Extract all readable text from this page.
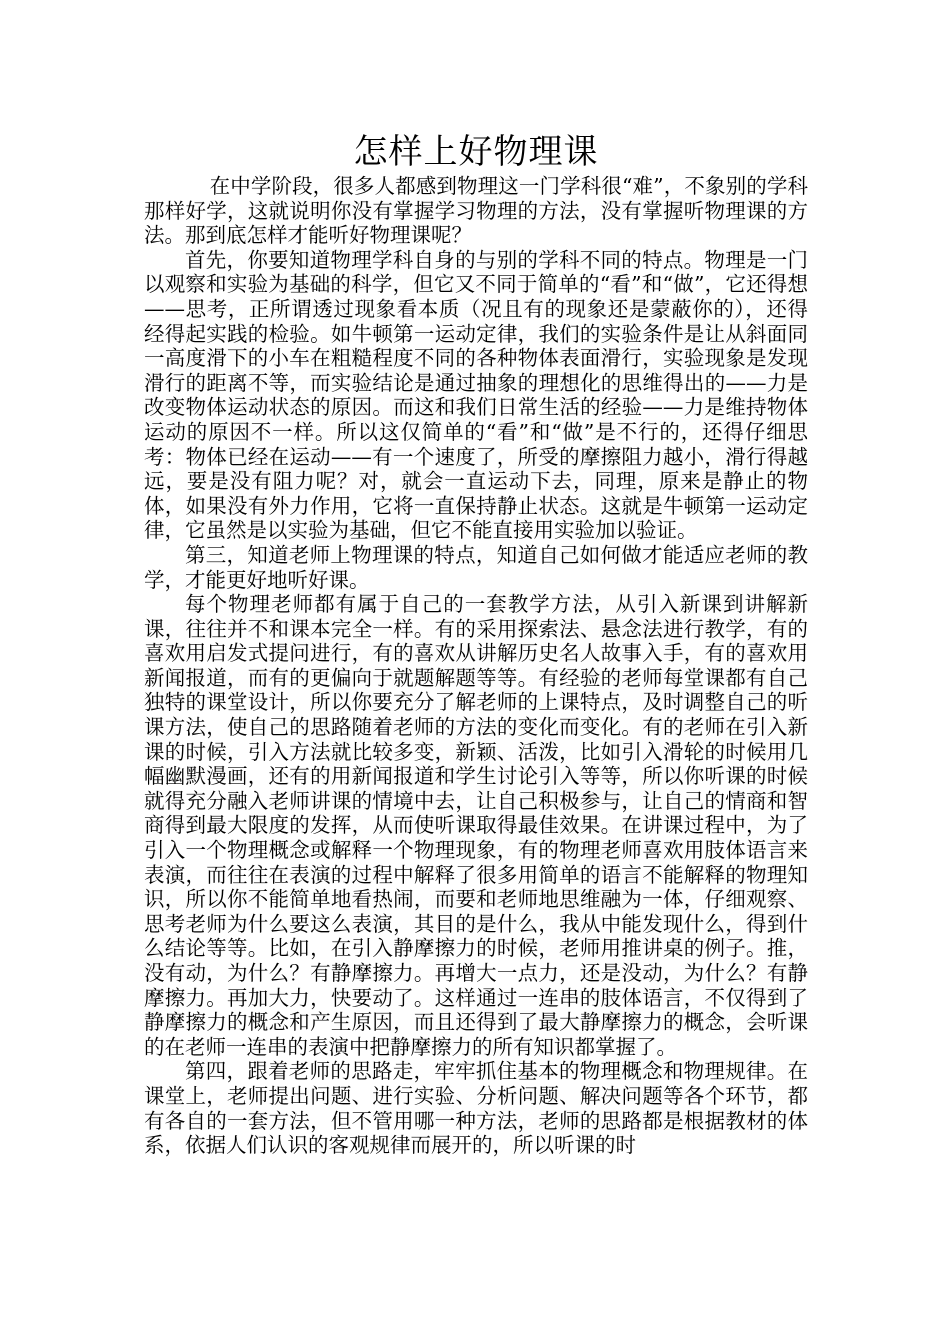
怎样上好物理课

在中学阶段，很多人都感到物理这一门学科很“难”，不象别的学科那样好学，这就说明你没有掌握学习物理的方法，没有掌握听物理课的方法。那到底怎样才能听好物理课呢？

首先，你要知道物理学科自身的与别的学科不同的特点。物理是一门以观察和实验为基础的科学，但它又不同于简单的“看”和“做”，它还得想——思考，正所谓透过现象看本质（况且有的现象还是蒙蔽你的），还得经得起实践的检验。如牛顿第一运动定律，我们的实验条件是让从斜面同一高度滑下的小车在粗糙程度不同的各种物体表面滑行，实验现象是发现滑行的距离不等，而实验结论是通过抽象的理想化的思维得出的——力是改变物体运动状态的原因。而这和我们日常生活的经验——力是维持物体运动的原因不一样。所以这仅简单的“看”和“做”是不行的，还得仔细思考：物体已经在运动——有一个速度了，所受的摩擦阻力越小，滑行得越远，要是没有阻力呢？对，就会一直运动下去，同理，原来是静止的物体，如果没有外力作用，它将一直保持静止状态。这就是牛顿第一运动定律，它虽然是以实验为基础，但它不能直接用实验加以验证。

第三，知道老师上物理课的特点，知道自己如何做才能适应老师的教学，才能更好地听好课。

每个物理老师都有属于自己的一套教学方法，从引入新课到讲解新课，往往并不和课本完全一样。有的采用探索法、悬念法进行教学，有的喜欢用启发式提问进行，有的喜欢从讲解历史名人故事入手，有的喜欢用新闻报道，而有的更偏向于就题解题等等。有经验的老师每堂课都有自己独特的课堂设计，所以你要充分了解老师的上课特点，及时调整自己的听课方法，使自己的思路随着老师的方法的变化而变化。有的老师在引入新课的时候，引入方法就比较多变，新颖、活泼，比如引入滑轮的时候用几幅幽默漫画，还有的用新闻报道和学生讨论引入等等，所以你听课的时候就得充分融入老师讲课的情境中去，让自己积极参与，让自己的情商和智商得到最大限度的发挥，从而使听课取得最佳效果。在讲课过程中，为了引入一个物理概念或解释一个物理现象，有的物理老师喜欢用肢体语言来表演，而往往在表演的过程中解释了很多用简单的语言不能解释的物理知识，所以你不能简单地看热闹，而要和老师地思维融为一体，仔细观察、思考老师为什么要这么表演，其目的是什么，我从中能发现什么，得到什么结论等等。比如，在引入静摩擦力的时候，老师用推讲桌的例子。推，没有动，为什么？有静摩擦力。再增大一点力，还是没动，为什么？有静摩擦力。再加大力，快要动了。这样通过一连串的肢体语言，不仅得到了静摩擦力的概念和产生原因，而且还得到了最大静摩擦力的概念，会听课的在老师一连串的表演中把静摩擦力的所有知识都掌握了。

第四，跟着老师的思路走，牢牢抓住基本的物理概念和物理规律。在课堂上，老师提出问题、进行实验、分析问题、解决问题等各个环节，都有各自的一套方法，但不管用哪一种方法，老师的思路都是根据教材的体系，依据人们认识的客观规律而展开的，所以听课的时
